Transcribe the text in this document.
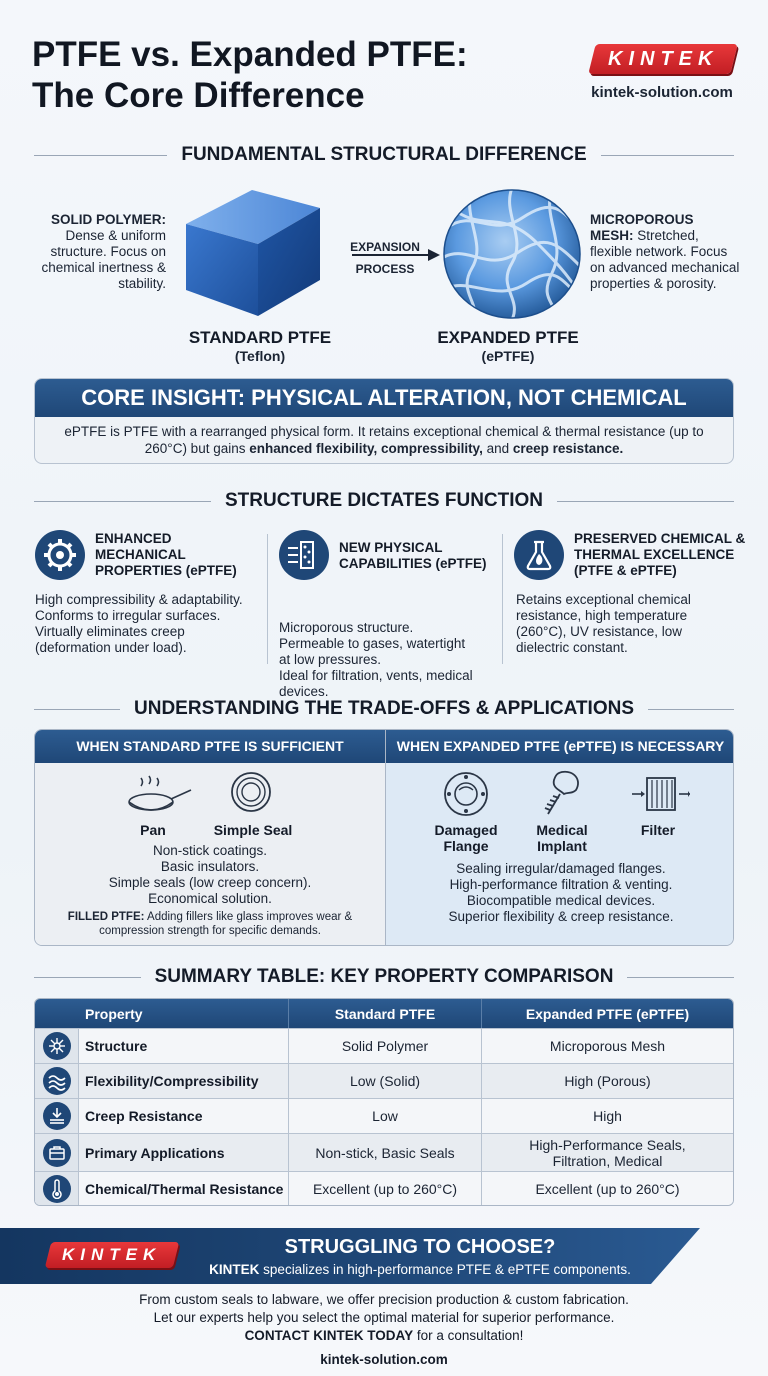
PTFE vs. Expanded PTFE:
The Core Difference
KINTEK
kintek-solution.com
FUNDAMENTAL STRUCTURAL DIFFERENCE
SOLID POLYMER: Dense & uniform structure. Focus on chemical inertness & stability.
EXPANSION
PROCESS
MICROPOROUS MESH: Stretched, flexible network. Focus on advanced mechanical properties & porosity.
STANDARD PTFE
(Teflon)
EXPANDED PTFE
(ePTFE)
CORE INSIGHT: PHYSICAL ALTERATION, NOT CHEMICAL
ePTFE is PTFE with a rearranged physical form. It retains exceptional chemical & thermal resistance (up to 260°C) but gains enhanced flexibility, compressibility, and creep resistance.
STRUCTURE DICTATES FUNCTION
ENHANCED MECHANICAL PROPERTIES (ePTFE)
High compressibility & adaptability.
Conforms to irregular surfaces.
Virtually eliminates creep
(deformation under load).
NEW PHYSICAL CAPABILITIES (ePTFE)
Microporous structure.
Permeable to gases, watertight
at low pressures.
Ideal for filtration, vents, medical
devices.
PRESERVED CHEMICAL & THERMAL EXCELLENCE (PTFE & ePTFE)
Retains exceptional chemical
resistance, high temperature
(260°C), UV resistance, low
dielectric constant.
UNDERSTANDING THE TRADE-OFFS & APPLICATIONS
WHEN STANDARD PTFE IS SUFFICIENT
Pan	Simple Seal
Non-stick coatings.
Basic insulators.
Simple seals (low creep concern).
Economical solution.
FILLED PTFE: Adding fillers like glass improves wear & compression strength for specific demands.
WHEN EXPANDED PTFE (ePTFE) IS NECESSARY
Damaged
Flange
Medical
Implant
Filter
Sealing irregular/damaged flanges.
High-performance filtration & venting.
Biocompatible medical devices.
Superior flexibility & creep resistance.
SUMMARY TABLE: KEY PROPERTY COMPARISON
Property	Standard PTFE	Expanded PTFE (ePTFE)
Structure	Solid Polymer	Microporous Mesh
Flexibility/Compressibility	Low (Solid)	High (Porous)
Creep Resistance	Low	High
Primary Applications	Non-stick, Basic Seals	High-Performance Seals, Filtration, Medical
Chemical/Thermal Resistance	Excellent (up to 260°C)	Excellent (up to 260°C)
KINTEK	STRUGGLING TO CHOOSE?
KINTEK specializes in high-performance PTFE & ePTFE components.
From custom seals to labware, we offer precision production & custom fabrication.
Let our experts help you select the optimal material for superior performance.
CONTACT KINTEK TODAY for a consultation!
kintek-solution.com
